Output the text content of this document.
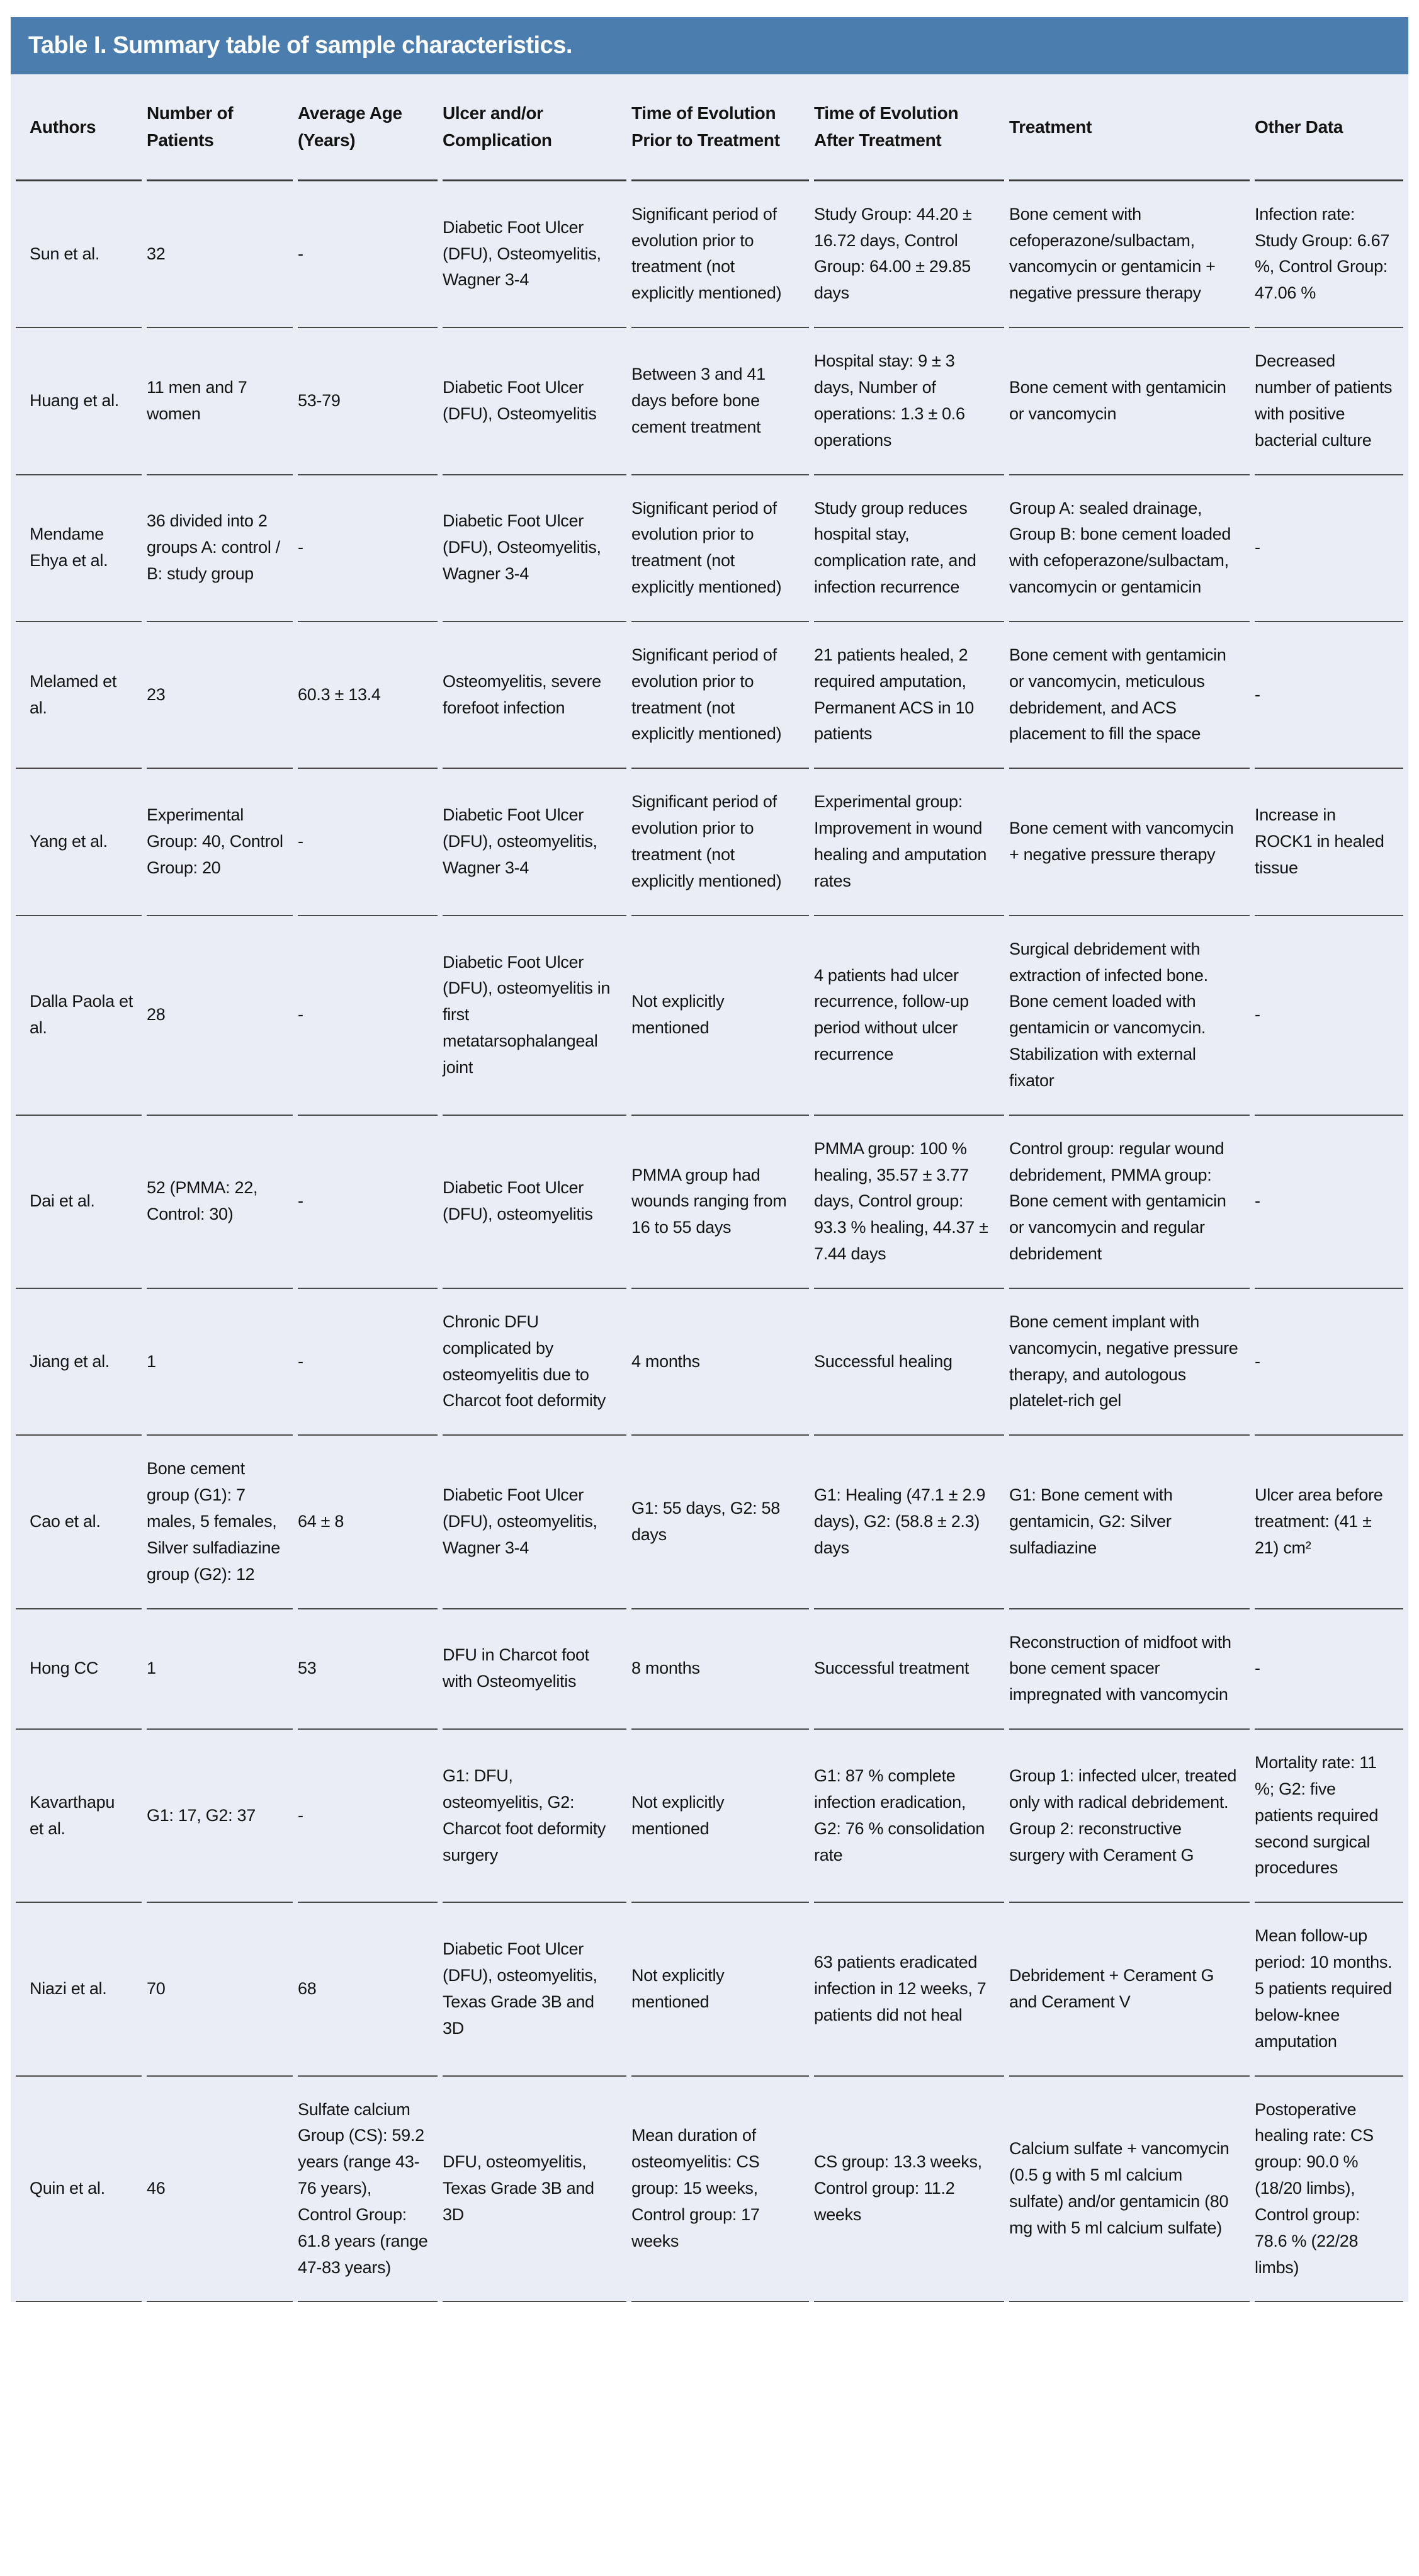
Table I. Summary table of sample characteristics.
Authors	Number of Patients	Average Age (Years)	Ulcer and/or Complication	Time of Evolution Prior to Treatment	Time of Evolution After Treatment	Treatment	Other Data
Sun et al.	32	-	Diabetic Foot Ulcer (DFU), Osteomyelitis, Wagner 3-4	Significant period of evolution prior to treatment (not explicitly mentioned)	Study Group: 44.20 ± 16.72 days, Control Group: 64.00 ± 29.85 days	Bone cement with cefoperazone/sulbactam, vancomycin or gentamicin + negative pressure therapy	Infection rate: Study Group: 6.67 %, Control Group: 47.06 %
Huang et al.	11 men and 7 women	53-79	Diabetic Foot Ulcer (DFU), Osteomyelitis	Between 3 and 41 days before bone cement treatment	Hospital stay: 9 ± 3 days, Number of operations: 1.3 ± 0.6 operations	Bone cement with gentamicin or vancomycin	Decreased number of patients with positive bacterial culture
Mendame Ehya et al.	36 divided into 2 groups A: control / B: study group	-	Diabetic Foot Ulcer (DFU), Osteomyelitis, Wagner 3-4	Significant period of evolution prior to treatment (not explicitly mentioned)	Study group reduces hospital stay, complication rate, and infection recurrence	Group A: sealed drainage, Group B: bone cement loaded with cefoperazone/sulbactam, vancomycin or gentamicin	-
Melamed et al.	23	60.3 ± 13.4	Osteomyelitis, severe forefoot infection	Significant period of evolution prior to treatment (not explicitly mentioned)	21 patients healed, 2 required amputation, Permanent ACS in 10 patients	Bone cement with gentamicin or vancomycin, meticulous debridement, and ACS placement to fill the space	-
Yang et al.	Experimental Group: 40, Control Group: 20	-	Diabetic Foot Ulcer (DFU), osteomyelitis, Wagner 3-4	Significant period of evolution prior to treatment (not explicitly mentioned)	Experimental group: Improvement in wound healing and amputation rates	Bone cement with vancomycin + negative pressure therapy	Increase in ROCK1 in healed tissue
Dalla Paola et al.	28	-	Diabetic Foot Ulcer (DFU), osteomyelitis in first metatarsophalangeal joint	Not explicitly mentioned	4 patients had ulcer recurrence, follow-up period without ulcer recurrence	Surgical debridement with extraction of infected bone. Bone cement loaded with gentamicin or vancomycin. Stabilization with external fixator	-
Dai et al.	52 (PMMA: 22, Control: 30)	-	Diabetic Foot Ulcer (DFU), osteomyelitis	PMMA group had wounds ranging from 16 to 55 days	PMMA group: 100 % healing, 35.57 ± 3.77 days, Control group: 93.3 % healing, 44.37 ± 7.44 days	Control group: regular wound debridement, PMMA group: Bone cement with gentamicin or vancomycin and regular debridement	-
Jiang et al.	1	-	Chronic DFU complicated by osteomyelitis due to Charcot foot deformity	4 months	Successful healing	Bone cement implant with vancomycin, negative pressure therapy, and autologous platelet-rich gel	-
Cao et al.	Bone cement group (G1): 7 males, 5 females, Silver sulfadiazine group (G2): 12	64 ± 8	Diabetic Foot Ulcer (DFU), osteomyelitis, Wagner 3-4	G1: 55 days, G2: 58 days	G1: Healing (47.1 ± 2.9 days), G2: (58.8 ± 2.3) days	G1: Bone cement with gentamicin, G2: Silver sulfadiazine	Ulcer area before treatment: (41 ± 21) cm²
Hong CC	1	53	DFU in Charcot foot with Osteomyelitis	8 months	Successful treatment	Reconstruction of midfoot with bone cement spacer impregnated with vancomycin	-
Kavarthapu et al.	G1: 17, G2: 37	-	G1: DFU, osteomyelitis, G2: Charcot foot deformity surgery	Not explicitly mentioned	G1: 87 % complete infection eradication, G2: 76 % consolidation rate	Group 1: infected ulcer, treated only with radical debridement. Group 2: reconstructive surgery with Cerament G	Mortality rate: 11 %; G2: five patients required second surgical procedures
Niazi et al.	70	68	Diabetic Foot Ulcer (DFU), osteomyelitis, Texas Grade 3B and 3D	Not explicitly mentioned	63 patients eradicated infection in 12 weeks, 7 patients did not heal	Debridement + Cerament G and Cerament V	Mean follow-up period: 10 months. 5 patients required below-knee amputation
Quin et al.	46	Sulfate calcium Group (CS): 59.2 years (range 43-76 years), Control Group: 61.8 years (range 47-83 years)	DFU, osteomyelitis, Texas Grade 3B and 3D	Mean duration of osteomyelitis: CS group: 15 weeks, Control group: 17 weeks	CS group: 13.3 weeks, Control group: 11.2 weeks	Calcium sulfate + vancomycin (0.5 g with 5 ml calcium sulfate) and/or gentamicin (80 mg with 5 ml calcium sulfate)	Postoperative healing rate: CS group: 90.0 % (18/20 limbs), Control group: 78.6 % (22/28 limbs)
